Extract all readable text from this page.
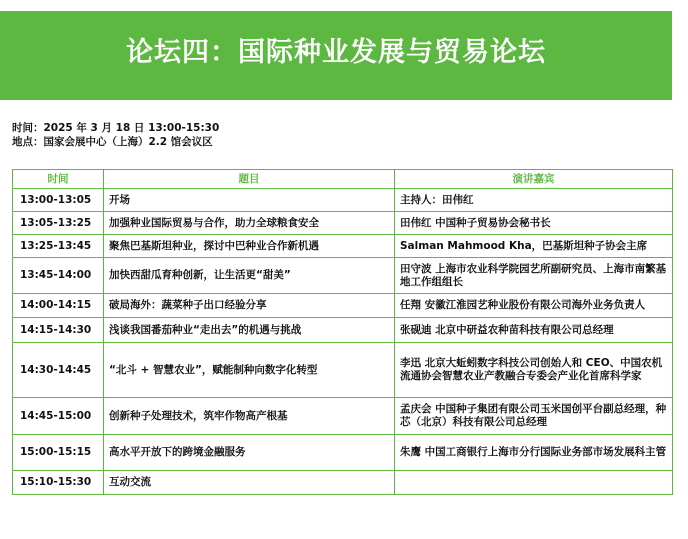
论坛四：国际种业发展与贸易论坛
时间：2025 年 3 月 18 日 13:00-15:30
地点：国家会展中心（上海）2.2 馆会议区
时间	题目	演讲嘉宾
13:00-13:05	开场	主持人：田伟红
13:05-13:25	加强种业国际贸易与合作，助力全球粮食安全	田伟红 中国种子贸易协会秘书长
13:25-13:45	聚焦巴基斯坦种业，探讨中巴种业合作新机遇	Salman Mahmood Kha，巴基斯坦种子协会主席
13:45-14:00	加快西甜瓜育种创新，让生活更“甜美”	田守波 上海市农业科学院园艺所副研究员、上海市南繁基地工作组组长
14:00-14:15	破局海外：蔬菜种子出口经验分享	任翔 安徽江淮园艺种业股份有限公司海外业务负责人
14:15-14:30	浅谈我国番茄种业“走出去”的机遇与挑战	张砚迪 北京中研益农种苗科技有限公司总经理
14:30-14:45	“北斗 + 智慧农业”，赋能制种向数字化转型	李迅 北京大蚯蚓数字科技公司创始人和 CEO、中国农机流通协会智慧农业产教融合专委会产业化首席科学家
14:45-15:00	创新种子处理技术，筑牢作物高产根基	孟庆会 中国种子集团有限公司玉米国创平台副总经理，种芯（北京）科技有限公司总经理
15:00-15:15	高水平开放下的跨境金融服务	朱鹰 中国工商银行上海市分行国际业务部市场发展科主管
15:10-15:30	互动交流	
